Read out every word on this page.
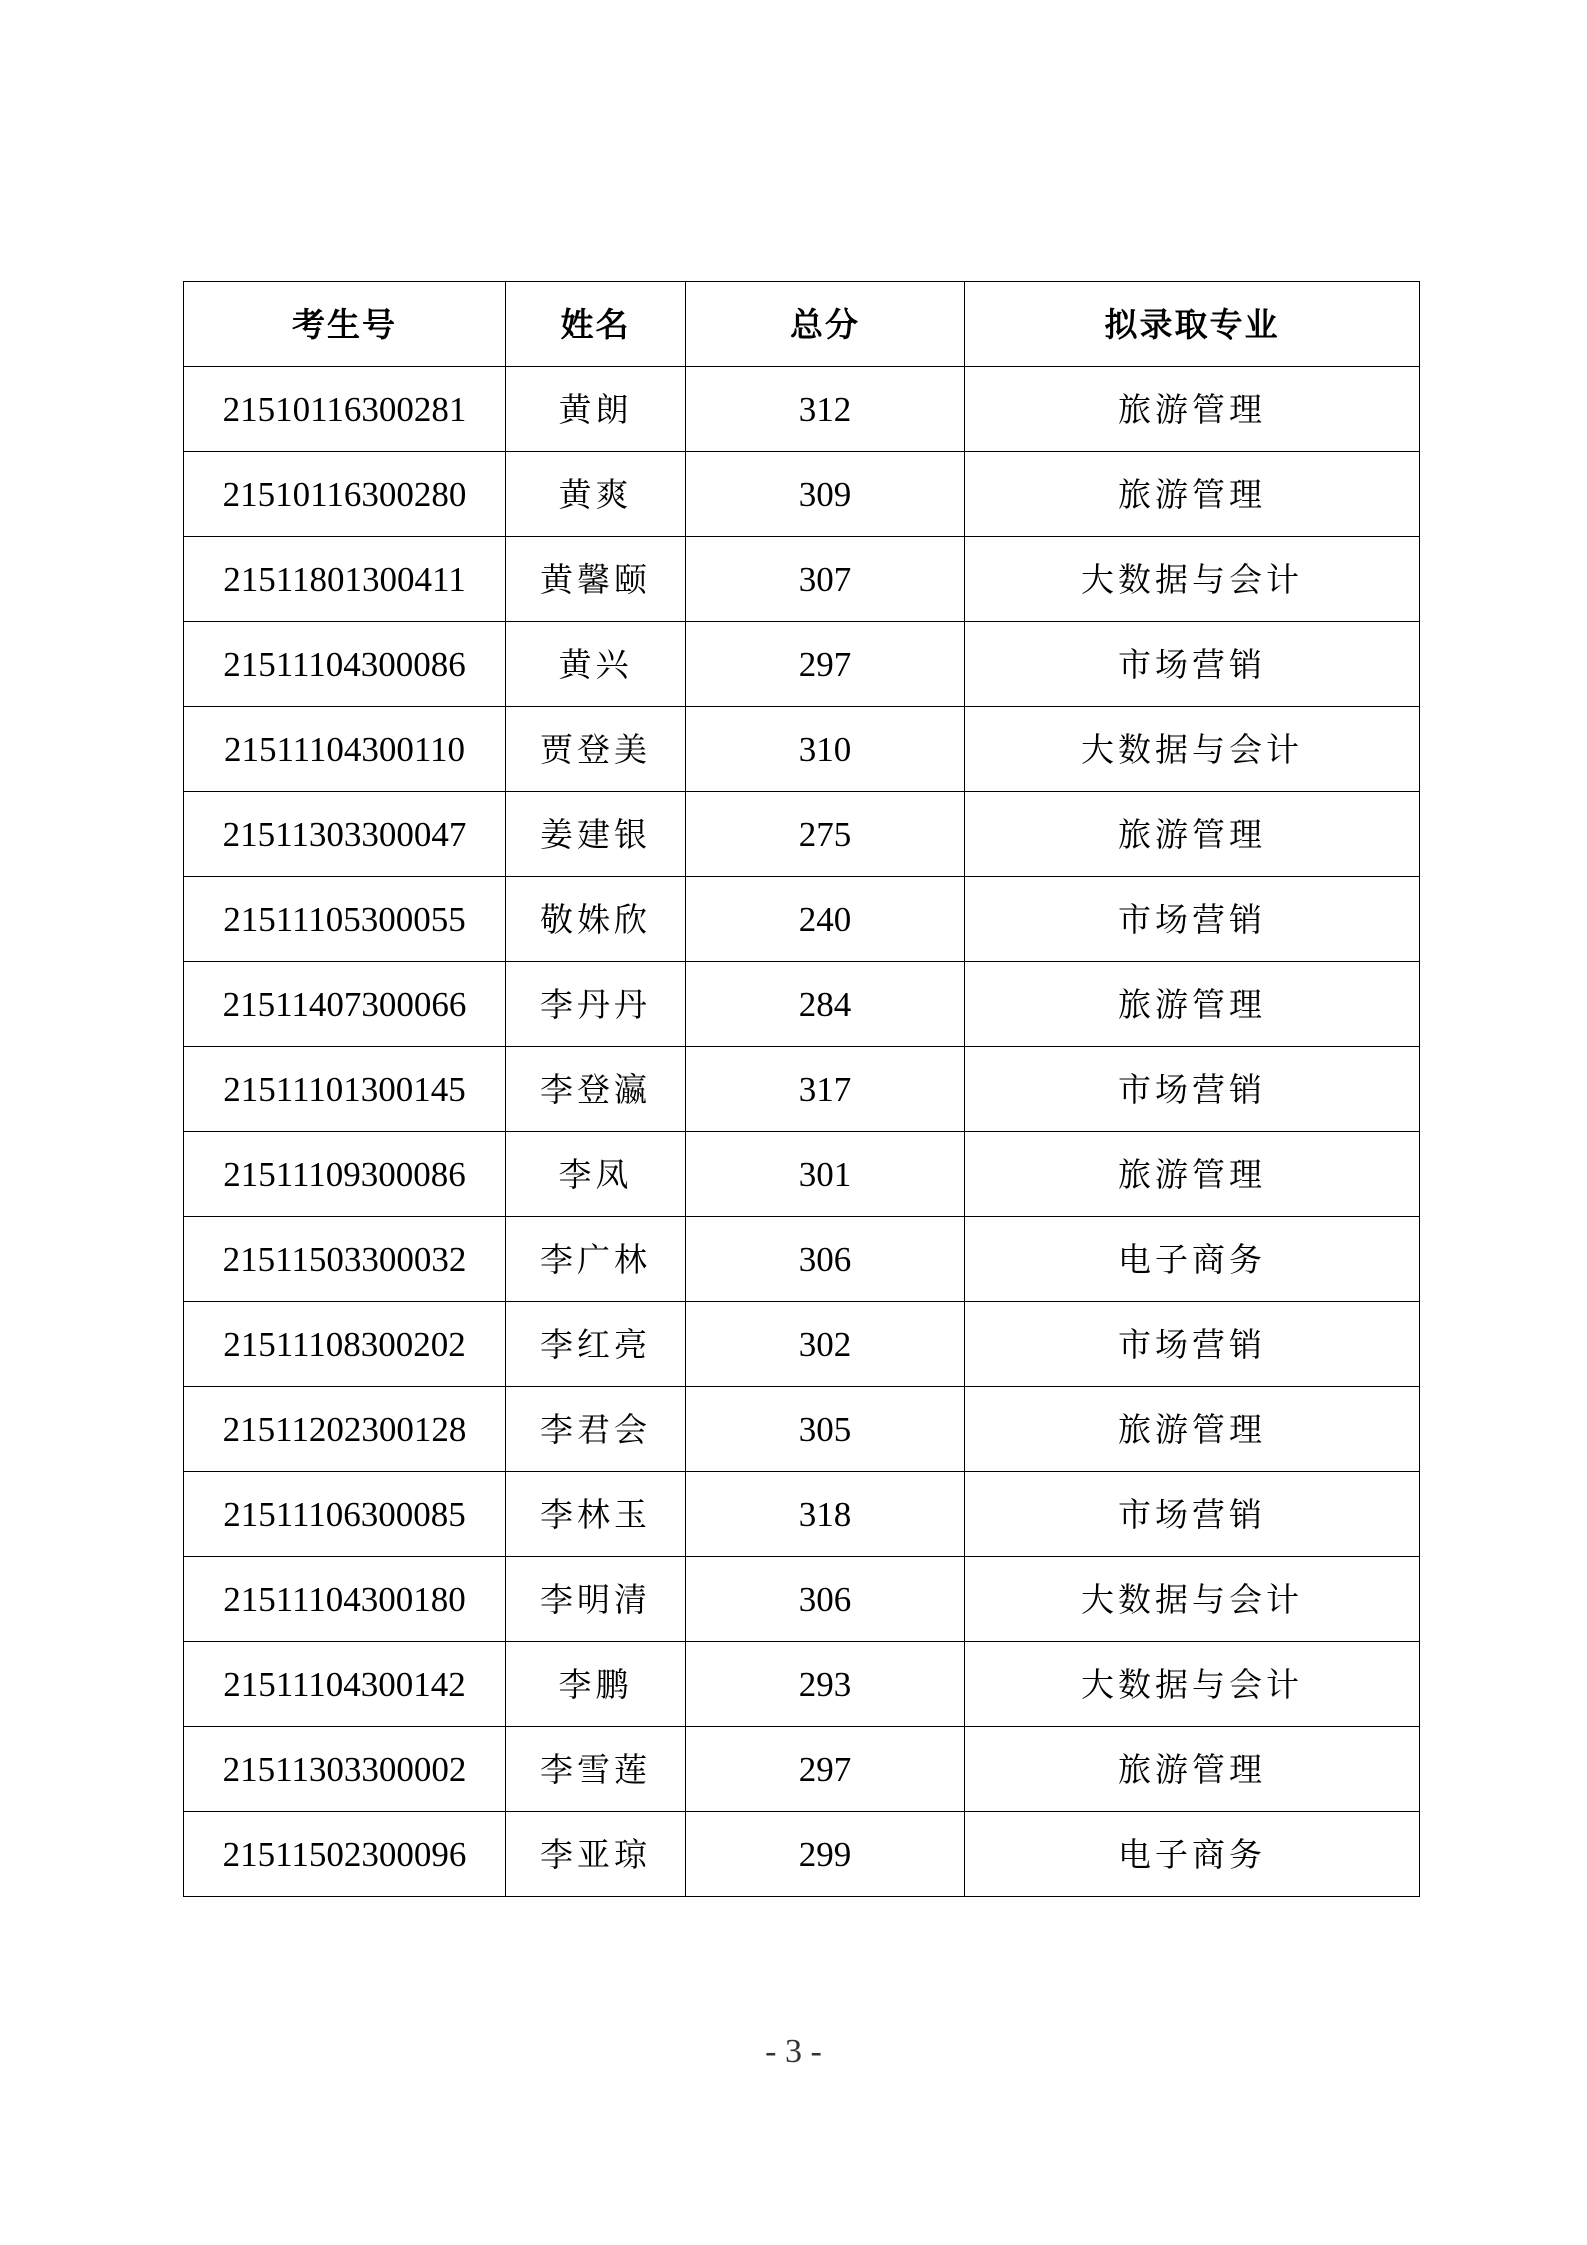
考生号	姓名	总分	拟录取专业
21510116300281	黄朗	312	旅游管理
21510116300280	黄爽	309	旅游管理
21511801300411	黄馨颐	307	大数据与会计
21511104300086	黄兴	297	市场营销
21511104300110	贾登美	310	大数据与会计
21511303300047	姜建银	275	旅游管理
21511105300055	敬姝欣	240	市场营销
21511407300066	李丹丹	284	旅游管理
21511101300145	李登瀛	317	市场营销
21511109300086	李凤	301	旅游管理
21511503300032	李广林	306	电子商务
21511108300202	李红亮	302	市场营销
21511202300128	李君会	305	旅游管理
21511106300085	李林玉	318	市场营销
21511104300180	李明清	306	大数据与会计
21511104300142	李鹏	293	大数据与会计
21511303300002	李雪莲	297	旅游管理
21511502300096	李亚琼	299	电子商务
- 3 -
